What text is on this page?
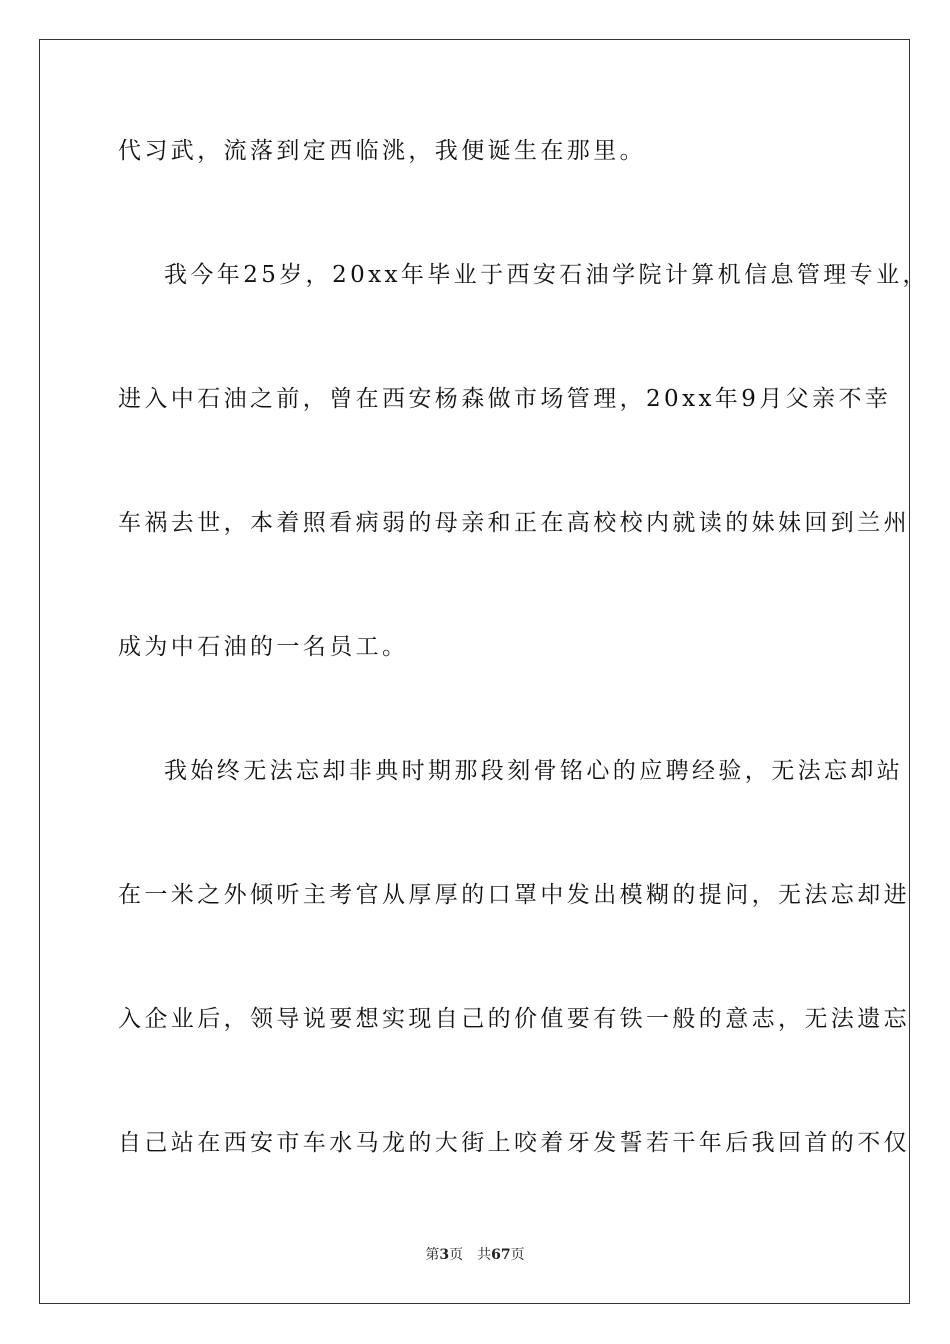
代习武，流落到定西临洮，我便诞生在那里。
我今年25岁，20xx年毕业于西安石油学院计算机信息管理专业，
进入中石油之前，曾在西安杨森做市场管理，20xx年9月父亲不幸
车祸去世，本着照看病弱的母亲和正在高校校内就读的妹妹回到兰州
成为中石油的一名员工。
我始终无法忘却非典时期那段刻骨铭心的应聘经验，无法忘却站
在一米之外倾听主考官从厚厚的口罩中发出模糊的提问，无法忘却进
入企业后，领导说要想实现自己的价值要有铁一般的意志，无法遗忘
自己站在西安市车水马龙的大街上咬着牙发誓若干年后我回首的不仅
第3页 共67页
